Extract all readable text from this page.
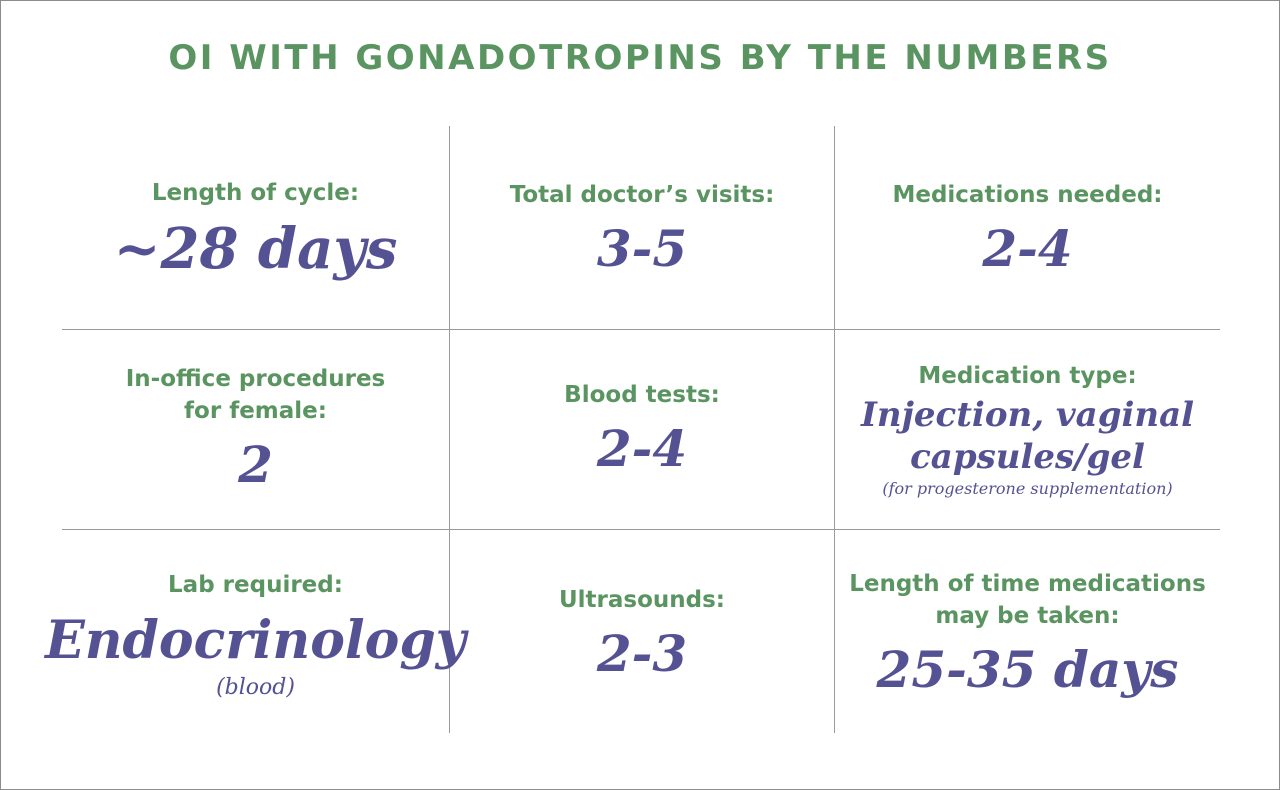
OI WITH GONADOTROPINS BY THE NUMBERS
Length of cycle:
~28 days
Total doctor’s visits:
3-5
Medications needed:
2-4
In-office procedures
for female:
2
Blood tests:
2-4
Medication type:
Injection, vaginal
capsules/gel
(for progesterone supplementation)
Lab required:
Endocrinology
(blood)
Ultrasounds:
2-3
Length of time medications
may be taken:
25-35 days
